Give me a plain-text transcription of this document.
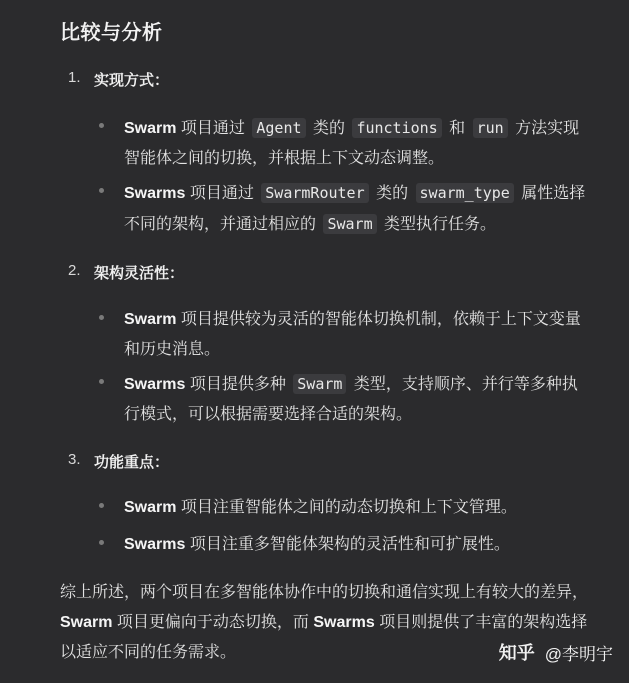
比较与分析
1. 实现方式：
Swarm 项目通过 Agent 类的 functions 和 run 方法实现智能体之间的切换，并根据上下文动态调整。
Swarms 项目通过 SwarmRouter 类的 swarm_type 属性选择不同的架构，并通过相应的 Swarm 类型执行任务。
2. 架构灵活性：
Swarm 项目提供较为灵活的智能体切换机制，依赖于上下文变量和历史消息。
Swarms 项目提供多种 Swarm 类型，支持顺序、并行等多种执行模式，可以根据需要选择合适的架构。
3. 功能重点：
Swarm 项目注重智能体之间的动态切换和上下文管理。
Swarms 项目注重多智能体架构的灵活性和可扩展性。
综上所述，两个项目在多智能体协作中的切换和通信实现上有较大的差异，Swarm 项目更偏向于动态切换，而 Swarms 项目则提供了丰富的架构选择以适应不同的任务需求。	知乎 @李明宇
